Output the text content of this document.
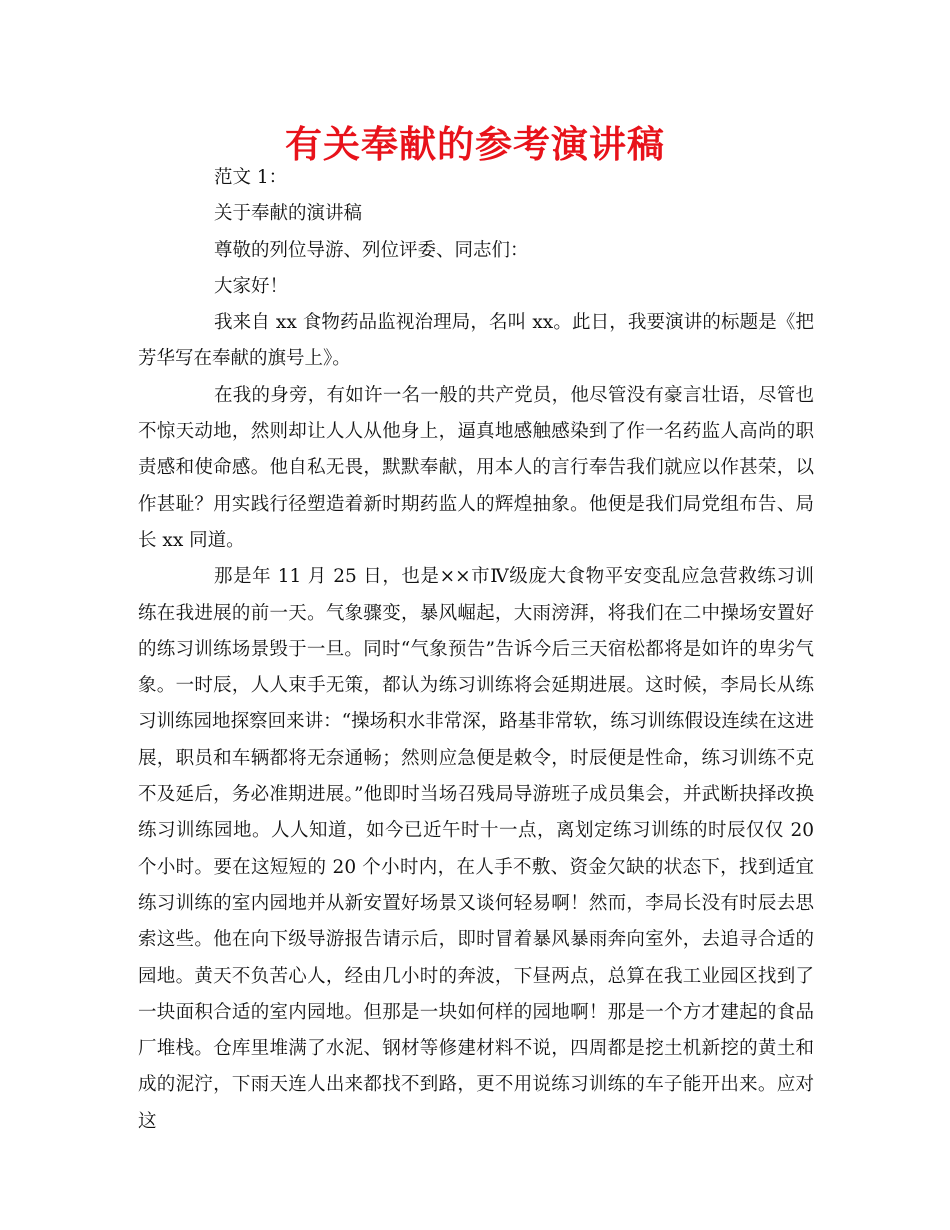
有关奉献的参考演讲稿

范文 1：

关于奉献的演讲稿

尊敬的列位导游、列位评委、同志们：

大家好！

我来自 xx 食物药品监视治理局，名叫 xx。此日，我要演讲的标题是《把芳华写在奉献的旗号上》。

在我的身旁，有如许一名一般的共产党员，他尽管没有豪言壮语，尽管也不惊天动地，然则却让人人从他身上，逼真地感触感染到了作一名药监人高尚的职责感和使命感。他自私无畏，默默奉献，用本人的言行奉告我们就应以作甚荣，以作甚耻？用实践行径塑造着新时期药监人的辉煌抽象。他便是我们局党组布告、局长 xx 同道。

那是年 11 月 25 日，也是××市Ⅳ级庞大食物平安变乱应急营救练习训练在我进展的前一天。气象骤变，暴风崛起，大雨滂湃，将我们在二中操场安置好的练习训练场景毁于一旦。同时“气象预告”告诉今后三天宿松都将是如许的卑劣气象。一时辰，人人束手无策，都认为练习训练将会延期进展。这时候，李局长从练习训练园地探察回来讲：“操场积水非常深，路基非常软，练习训练假设连续在这进展，职员和车辆都将无奈通畅；然则应急便是敕令，时辰便是性命，练习训练不克不及延后，务必准期进展。”他即时当场召残局导游班子成员集会，并武断抉择改换练习训练园地。人人知道，如今已近午时十一点，离划定练习训练的时辰仅仅 20 个小时。要在这短短的 20 个小时内，在人手不敷、资金欠缺的状态下，找到适宜练习训练的室内园地并从新安置好场景又谈何轻易啊！然而，李局长没有时辰去思索这些。他在向下级导游报告请示后，即时冒着暴风暴雨奔向室外，去追寻合适的园地。黄天不负苦心人，经由几小时的奔波，下昼两点，总算在我工业园区找到了一块面积合适的室内园地。但那是一块如何样的园地啊！那是一个方才建起的食品厂堆栈。仓库里堆满了水泥、钢材等修建材料不说，四周都是挖土机新挖的黄土和成的泥泞，下雨天连人出来都找不到路，更不用说练习训练的车子能开出来。应对这
